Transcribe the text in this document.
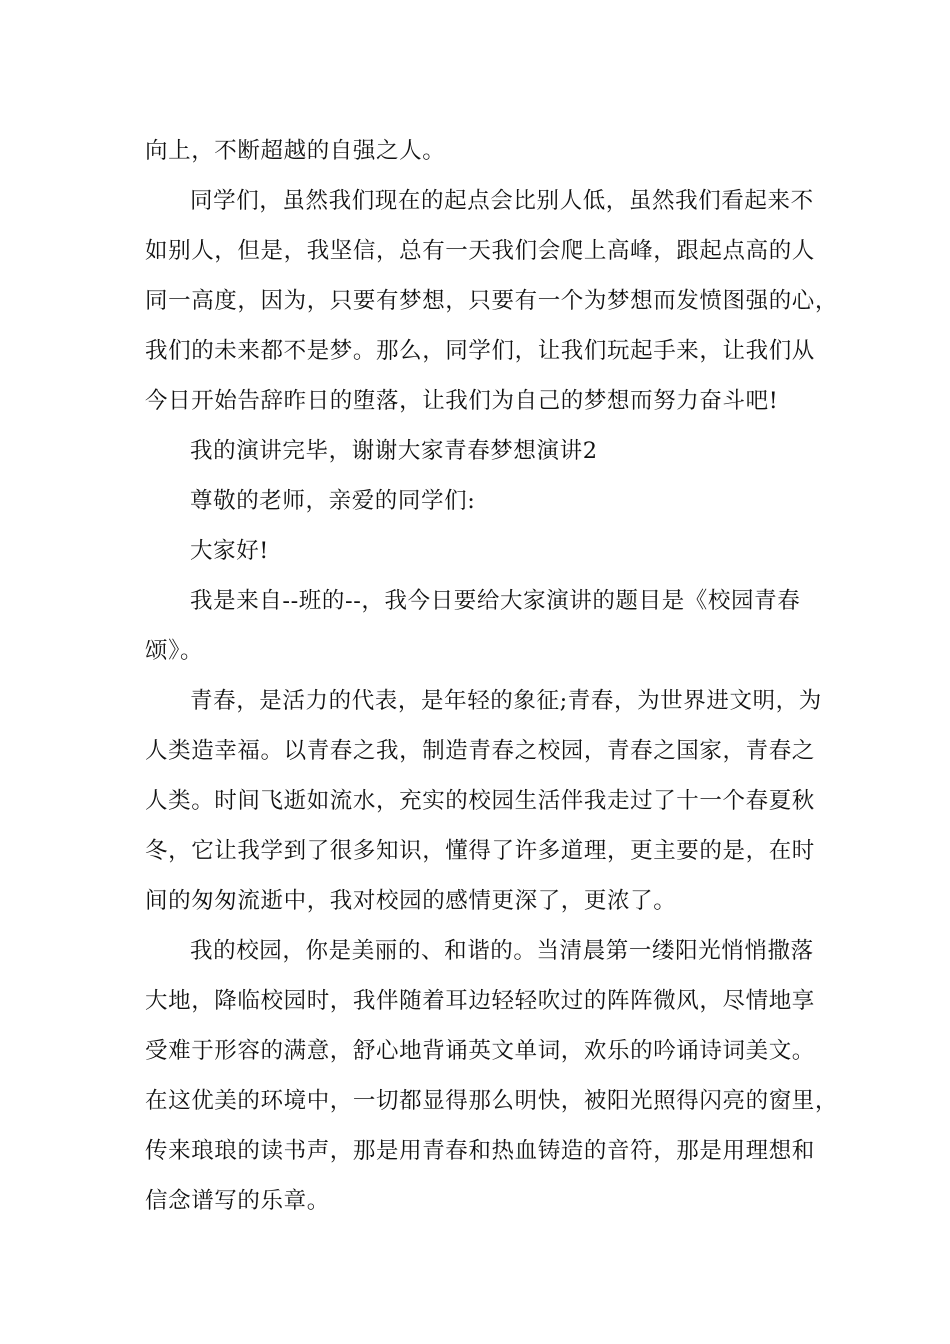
向上，不断超越的自强之人。
同学们，虽然我们现在的起点会比别人低，虽然我们看起来不
如别人，但是，我坚信，总有一天我们会爬上高峰，跟起点高的人
同一高度，因为，只要有梦想，只要有一个为梦想而发愤图强的心，
我们的未来都不是梦。那么，同学们，让我们玩起手来，让我们从
今日开始告辞昨日的堕落，让我们为自己的梦想而努力奋斗吧!
我的演讲完毕，谢谢大家青春梦想演讲2
尊敬的老师，亲爱的同学们:
大家好!
我是来自--班的--，我今日要给大家演讲的题目是《校园青春
颂》。
青春，是活力的代表，是年轻的象征;青春，为世界进文明，为
人类造幸福。以青春之我，制造青春之校园，青春之国家，青春之
人类。时间飞逝如流水，充实的校园生活伴我走过了十一个春夏秋
冬，它让我学到了很多知识，懂得了许多道理，更主要的是，在时
间的匆匆流逝中，我对校园的感情更深了，更浓了。
我的校园，你是美丽的、和谐的。当清晨第一缕阳光悄悄撒落
大地，降临校园时，我伴随着耳边轻轻吹过的阵阵微风，尽情地享
受难于形容的满意，舒心地背诵英文单词，欢乐的吟诵诗词美文。
在这优美的环境中，一切都显得那么明快，被阳光照得闪亮的窗里，
传来琅琅的读书声，那是用青春和热血铸造的音符，那是用理想和
信念谱写的乐章。
